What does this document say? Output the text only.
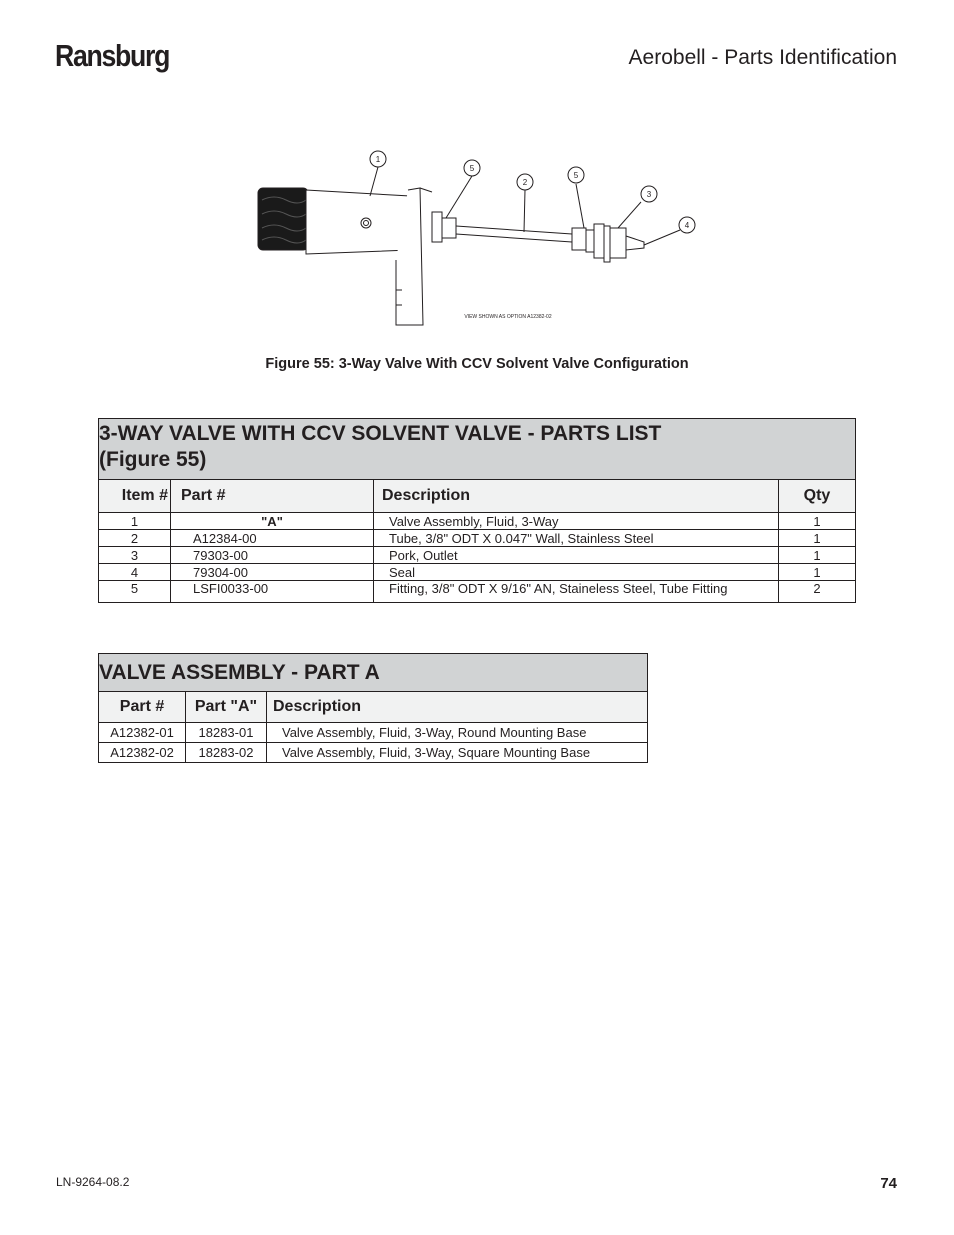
Ransburg	Aerobell - Parts Identification
1
5
2
5
3
4
VIEW SHOWN AS OPTION A12382-02
Figure 55: 3-Way Valve With CCV Solvent Valve Configuration
3-WAY VALVE WITH CCV SOLVENT VALVE - PARTS LIST
(Figure 55)			

Item #	Part #	Description	Qty
1	"A"	Valve Assembly, Fluid, 3-Way	1
2	A12384-00	Tube, 3/8" ODT X 0.047" Wall, Stainless Steel	1
3	79303-00	Pork, Outlet	1
4	79304-00	Seal	1
5	LSFI0033-00	Fitting, 3/8" ODT X 9/16" AN, Staineless Steel, Tube Fitting	2
VALVE ASSEMBLY - PART A		
Part #	Part "A"	Description
A12382-01	18283-01	Valve Assembly, Fluid, 3-Way, Round Mounting Base
A12382-02	18283-02	Valve Assembly, Fluid, 3-Way, Square Mounting Base
LN-9264-08.2	74
